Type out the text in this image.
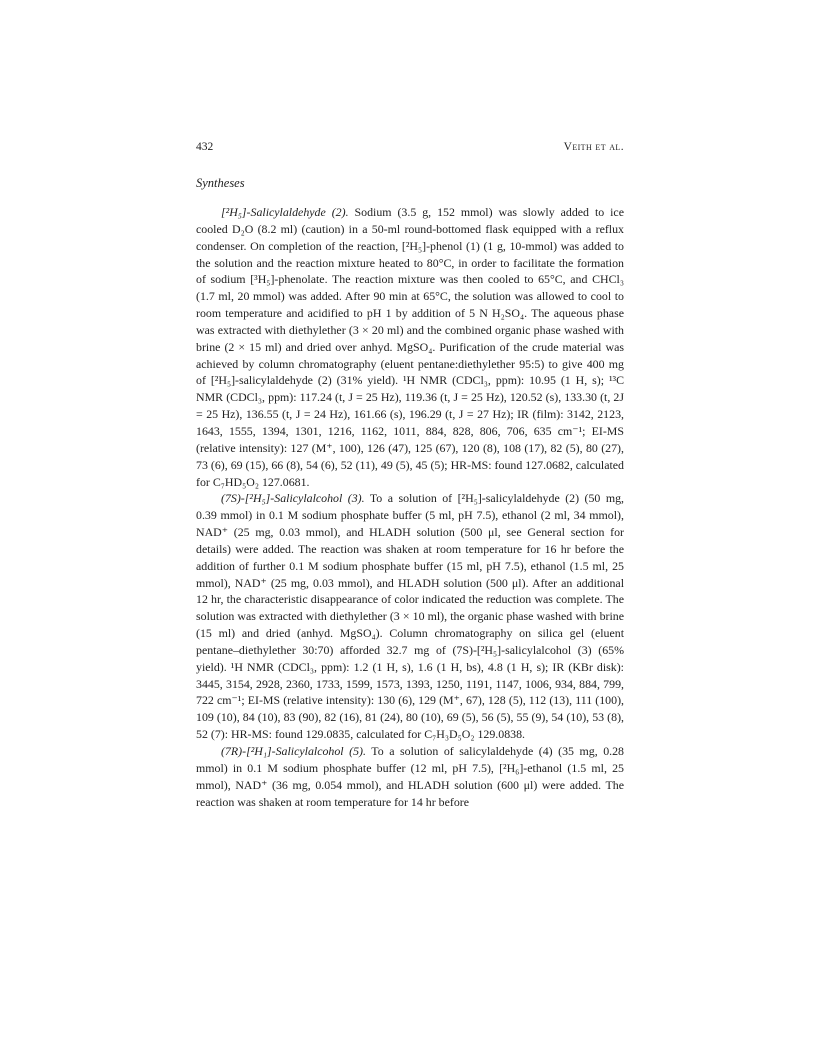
432	Veith et al.
Syntheses

[²H₅]-Salicylaldehyde (2). Sodium (3.5 g, 152 mmol) was slowly added to ice cooled D₂O (8.2 ml) (caution) in a 50-ml round-bottomed flask equipped with a reflux condenser. On completion of the reaction, [²H₅]-phenol (1) (1 g, 10-mmol) was added to the solution and the reaction mixture heated to 80°C, in order to facilitate the formation of sodium [³H₅]-phenolate. The reaction mixture was then cooled to 65°C, and CHCl₃ (1.7 ml, 20 mmol) was added. After 90 min at 65°C, the solution was allowed to cool to room temperature and acidified to pH 1 by addition of 5 N H₂SO₄. The aqueous phase was extracted with diethylether (3 × 20 ml) and the combined organic phase washed with brine (2 × 15 ml) and dried over anhyd. MgSO₄. Purification of the crude material was achieved by column chromatography (eluent pentane:diethylether 95:5) to give 400 mg of [²H₅]-salicylaldehyde (2) (31% yield). ¹H NMR (CDCl₃, ppm): 10.95 (1 H, s); ¹³C NMR (CDCl₃, ppm): 117.24 (t, J = 25 Hz), 119.36 (t, J = 25 Hz), 120.52 (s), 133.30 (t, 2J = 25 Hz), 136.55 (t, J = 24 Hz), 161.66 (s), 196.29 (t, J = 27 Hz); IR (film): 3142, 2123, 1643, 1555, 1394, 1301, 1216, 1162, 1011, 884, 828, 806, 706, 635 cm⁻¹; EI-MS (relative intensity): 127 (M⁺, 100), 126 (47), 125 (67), 120 (8), 108 (17), 82 (5), 80 (27), 73 (6), 69 (15), 66 (8), 54 (6), 52 (11), 49 (5), 45 (5); HR-MS: found 127.0682, calculated for C₇HD₅O₂ 127.0681.

(7S)-[²H₅]-Salicylalcohol (3). To a solution of [²H₅]-salicylaldehyde (2) (50 mg, 0.39 mmol) in 0.1 M sodium phosphate buffer (5 ml, pH 7.5), ethanol (2 ml, 34 mmol), NAD⁺ (25 mg, 0.03 mmol), and HLADH solution (500 μl, see General section for details) were added. The reaction was shaken at room temperature for 16 hr before the addition of further 0.1 M sodium phosphate buffer (15 ml, pH 7.5), ethanol (1.5 ml, 25 mmol), NAD⁺ (25 mg, 0.03 mmol), and HLADH solution (500 μl). After an additional 12 hr, the characteristic disappearance of color indicated the reduction was complete. The solution was extracted with diethylether (3 × 10 ml), the organic phase washed with brine (15 ml) and dried (anhyd. MgSO₄). Column chromatography on silica gel (eluent pentane–diethylether 30:70) afforded 32.7 mg of (7S)-[²H₅]-salicylalcohol (3) (65% yield). ¹H NMR (CDCl₃, ppm): 1.2 (1 H, s), 1.6 (1 H, bs), 4.8 (1 H, s); IR (KBr disk): 3445, 3154, 2928, 2360, 1733, 1599, 1573, 1393, 1250, 1191, 1147, 1006, 934, 884, 799, 722 cm⁻¹; EI-MS (relative intensity): 130 (6), 129 (M⁺, 67), 128 (5), 112 (13), 111 (100), 109 (10), 84 (10), 83 (90), 82 (16), 81 (24), 80 (10), 69 (5), 56 (5), 55 (9), 54 (10), 53 (8), 52 (7): HR-MS: found 129.0835, calculated for C₇H₃D₅O₂ 129.0838.

(7R)-[²H₁]-Salicylalcohol (5). To a solution of salicylaldehyde (4) (35 mg, 0.28 mmol) in 0.1 M sodium phosphate buffer (12 ml, pH 7.5), [²H₆]-ethanol (1.5 ml, 25 mmol), NAD⁺ (36 mg, 0.054 mmol), and HLADH solution (600 μl) were added. The reaction was shaken at room temperature for 14 hr before
